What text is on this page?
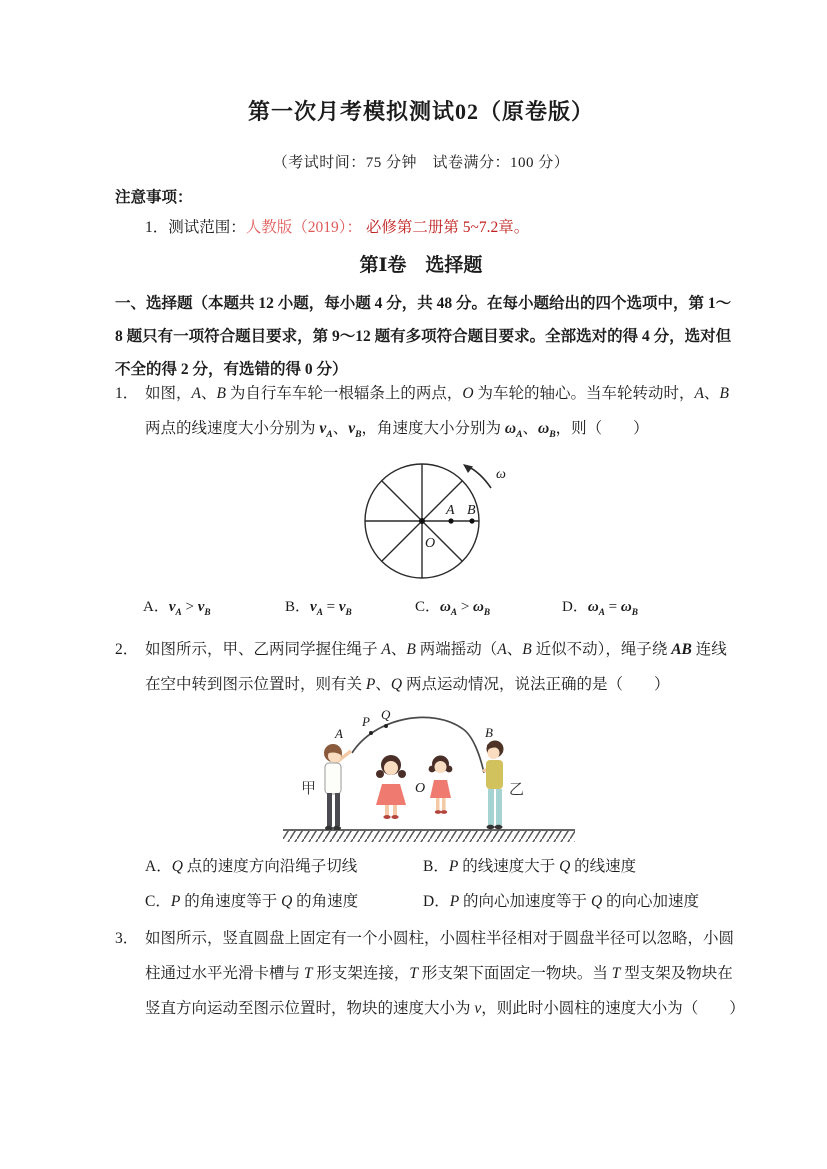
第一次月考模拟测试02（原卷版）
（考试时间：75 分钟　试卷满分：100 分）
注意事项：
1．测试范围：人教版（2019）： 必修第二册第 5~7.2章。
第Ⅰ卷　选择题
一、选择题（本题共 12 小题，每小题 4 分，共 48 分。在每小题给出的四个选项中，第 1～
8 题只有一项符合题目要求，第 9～12 题有多项符合题目要求。全部选对的得 4 分，选对但
不全的得 2 分，有选错的得 0 分）
1． 如图，A、B 为自行车车轮一根辐条上的两点，O 为车轮的轴心。当车轮转动时，A、B
两点的线速度大小分别为 $v_A$、$v_B$，角速度大小分别为 $\omega_A$、$\omega_B$，则（　　）
ω
A B
O
A．$v_A > v_B$	B．$v_A = v_B$	C．$\omega_A > \omega_B$	D．$\omega_A = \omega_B$
2． 如图所示，甲、乙两同学握住绳子 A、B 两端摇动（A、B 近似不动），绳子绕 AB 连线
在空中转到图示位置时，则有关 P、Q 两点运动情况，说法正确的是（　　）
A
P Q
B
甲	O	乙
A．Q 点的速度方向沿绳子切线	B．P 的线速度大于 Q 的线速度
C．P 的角速度等于 Q 的角速度	D．P 的向心加速度等于 Q 的向心加速度
3． 如图所示，竖直圆盘上固定有一个小圆柱，小圆柱半径相对于圆盘半径可以忽略，小圆
柱通过水平光滑卡槽与 T 形支架连接，T 形支架下面固定一物块。当 T 型支架及物块在
竖直方向运动至图示位置时，物块的速度大小为 v，则此时小圆柱的速度大小为（　　）
